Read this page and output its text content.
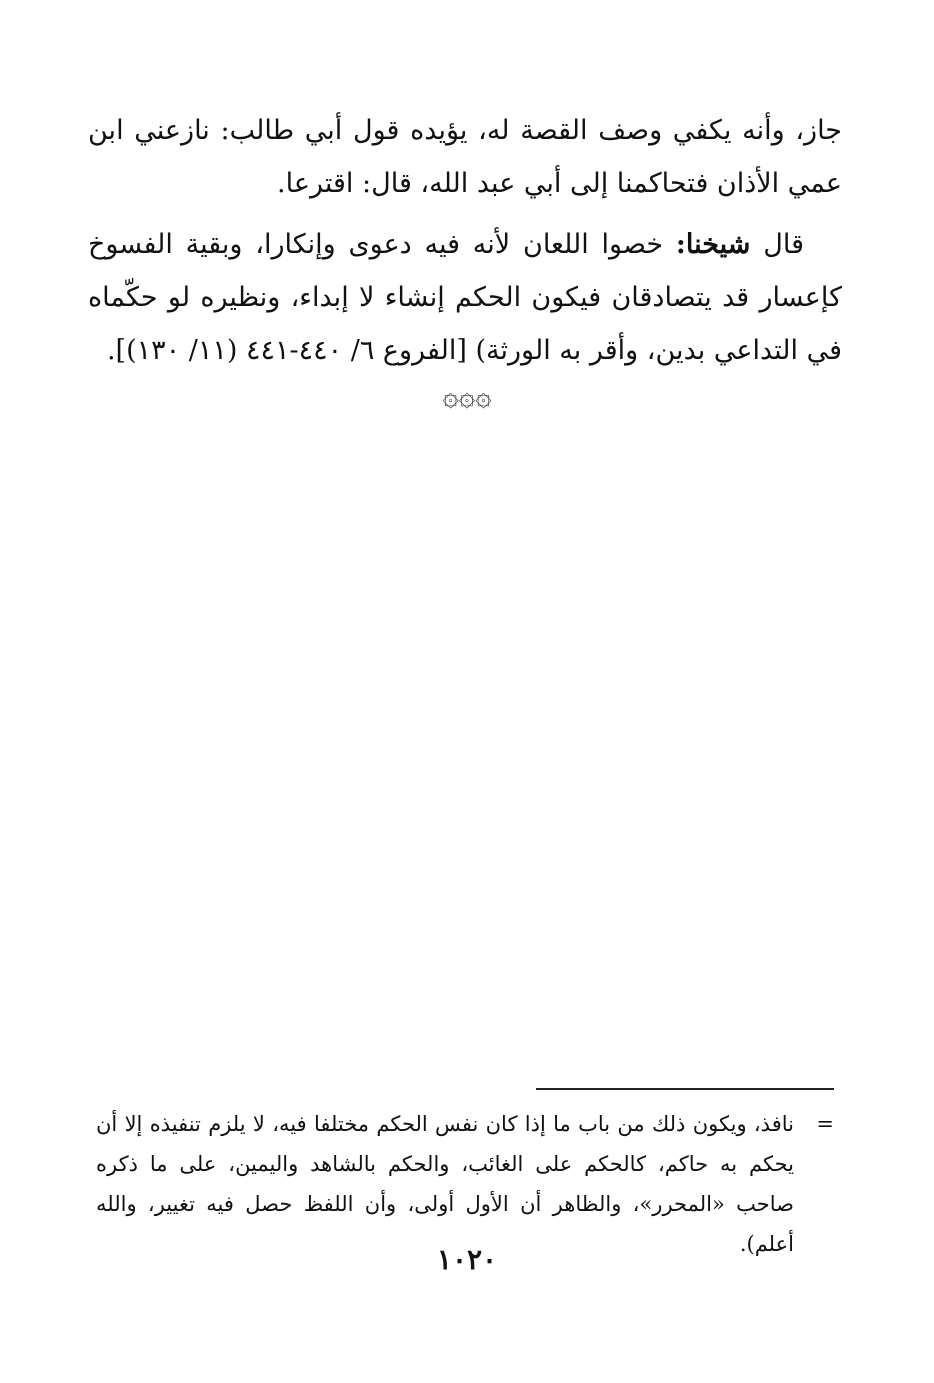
جاز، وأنه يكفي وصف القصة له، يؤيده قول أبي طالب: نازعني ابن عمي الأذان فتحاكمنا إلى أبي عبد الله، قال: اقترعا.

قال شيخنا: خصوا اللعان لأنه فيه دعوى وإنكارا، وبقية الفسوخ كإعسار قد يتصادقان فيكون الحكم إنشاء لا إبداء، ونظيره لو حكّماه في التداعي بدين، وأقر به الورثة) [الفروع ٦/ ٤٤٠-٤٤١ (١١/ ١٣٠)].

۞۞۞
=
نافذ، ويكون ذلك من باب ما إذا كان نفس الحكم مختلفا فيه، لا يلزم تنفيذه إلا أن يحكم به حاكم، كالحكم على الغائب، والحكم بالشاهد واليمين، على ما ذكره صاحب «المحرر»، والظاهر أن الأول أولى، وأن اللفظ حصل فيه تغيير، والله أعلم).
١٠٢٠
